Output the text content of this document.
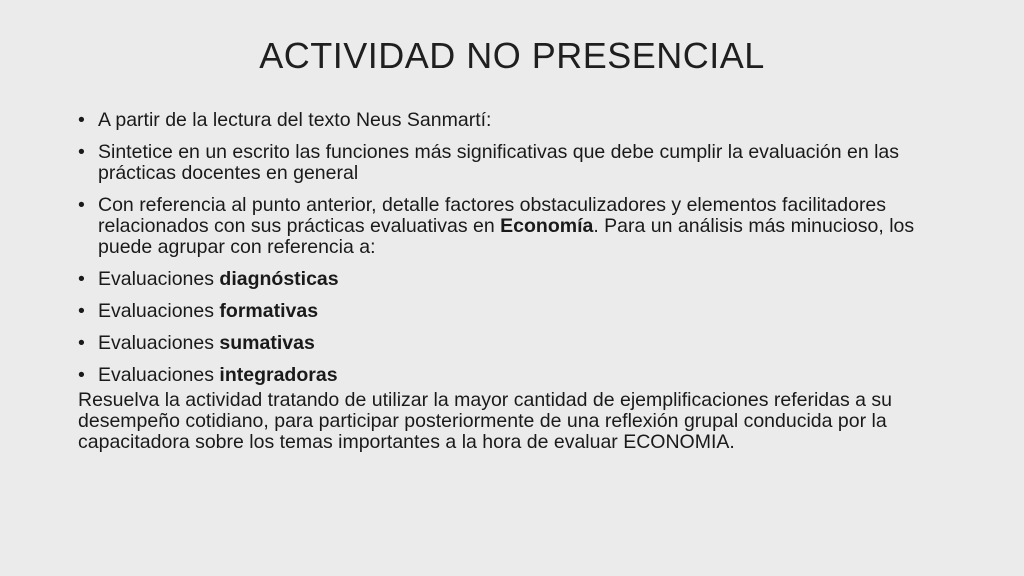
ACTIVIDAD NO PRESENCIAL
• A partir de la lectura del texto Neus Sanmartí:
• Sintetice en un escrito las funciones más significativas que debe cumplir la evaluación en las prácticas docentes en general
• Con referencia al punto anterior, detalle factores obstaculizadores y elementos facilitadores relacionados con sus prácticas evaluativas en Economía. Para un análisis más minucioso, los puede agrupar con referencia a:
• Evaluaciones diagnósticas
• Evaluaciones formativas
• Evaluaciones sumativas
• Evaluaciones integradoras

Resuelva la actividad tratando de utilizar la mayor cantidad de ejemplificaciones referidas a su desempeño cotidiano, para participar posteriormente de una reflexión grupal conducida por la capacitadora sobre los temas importantes a la hora de evaluar ECONOMIA.
